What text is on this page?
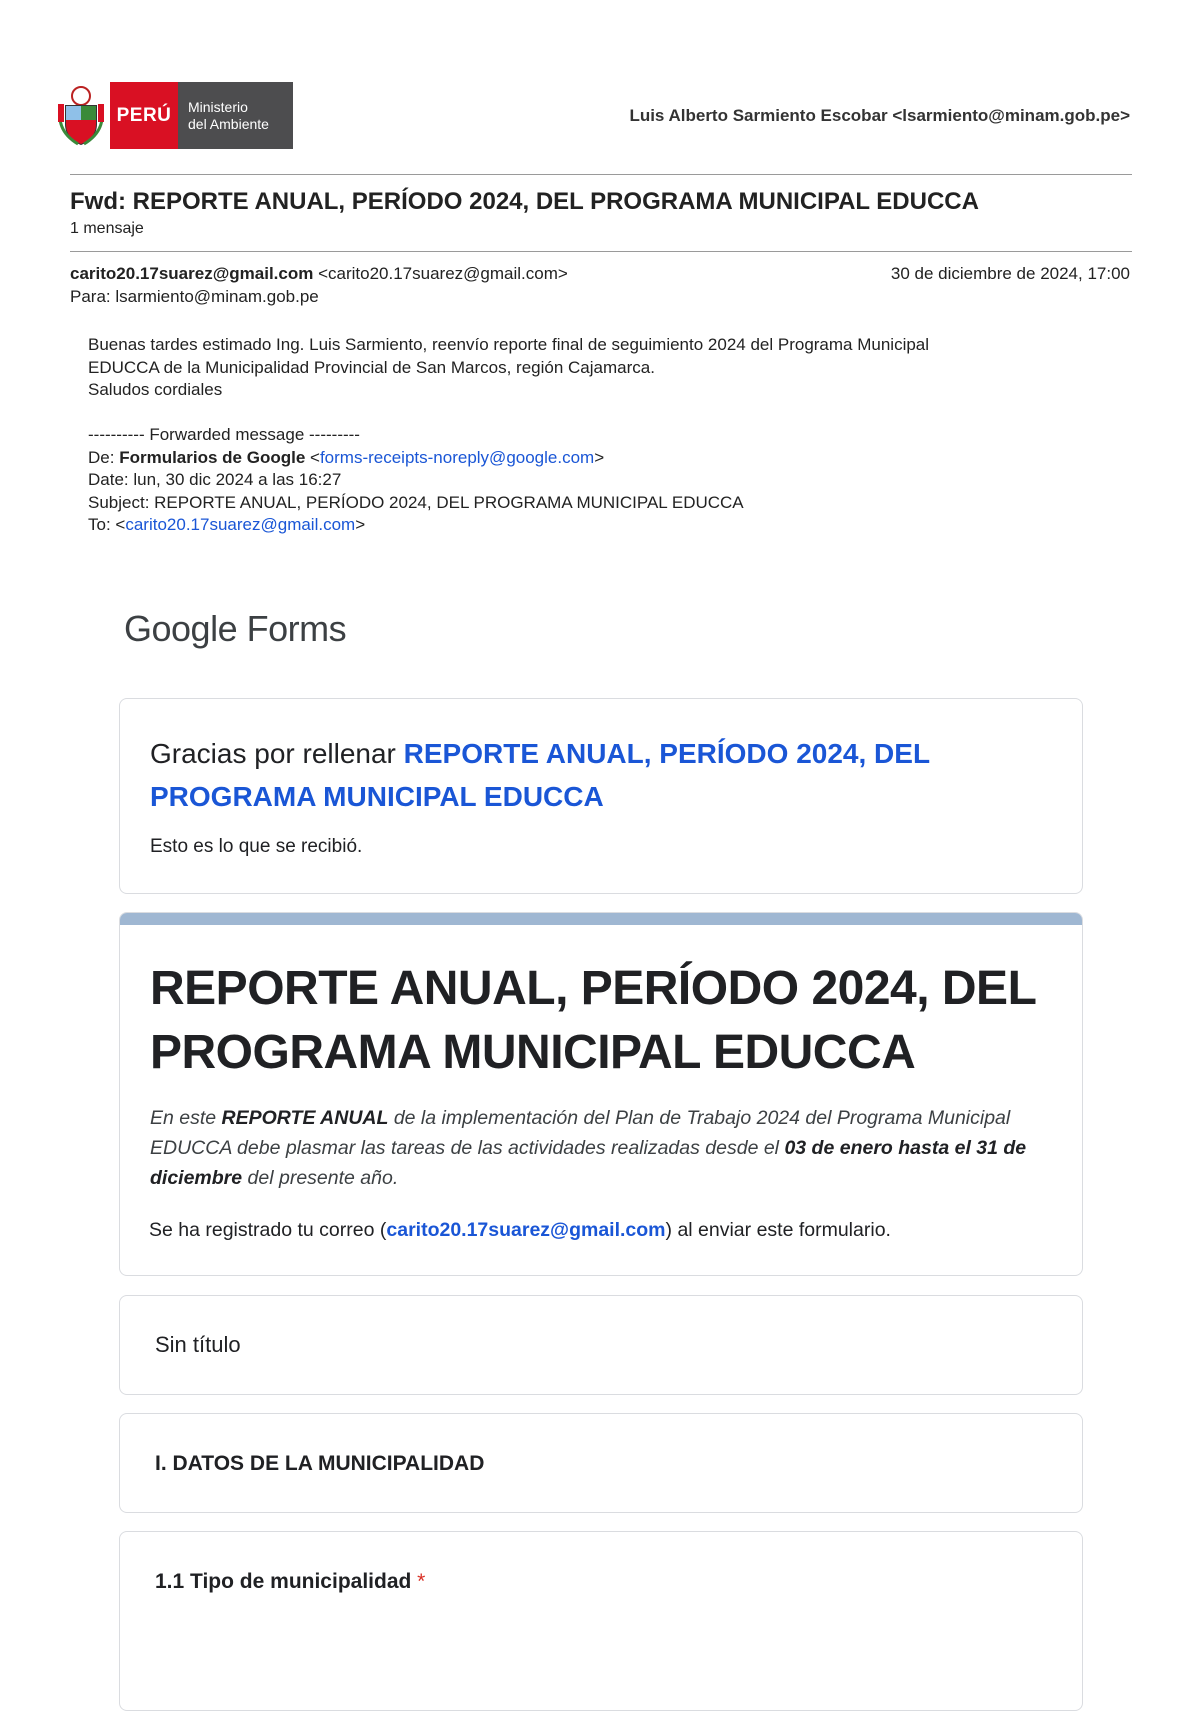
PERÚ	Ministerio
del Ambiente	Luis Alberto Sarmiento Escobar <lsarmiento@minam.gob.pe>
Fwd: REPORTE ANUAL, PERÍODO 2024, DEL PROGRAMA MUNICIPAL EDUCCA
1 mensaje
carito20.17suarez@gmail.com <carito20.17suarez@gmail.com>	30 de diciembre de 2024, 17:00
Para: lsarmiento@minam.gob.pe

Buenas tardes estimado Ing. Luis Sarmiento, reenvío reporte final de seguimiento 2024 del Programa Municipal

EDUCCA de la Municipalidad Provincial de San Marcos, región Cajamarca.

Saludos cordiales

---------- Forwarded message ---------
De: Formularios de Google <forms-receipts-noreply@google.com>
Date: lun, 30 dic 2024 a las 16:27
Subject: REPORTE ANUAL, PERÍODO 2024, DEL PROGRAMA MUNICIPAL EDUCCA
To: <carito20.17suarez@gmail.com>
Google Forms
Gracias por rellenar REPORTE ANUAL, PERÍODO 2024, DEL PROGRAMA MUNICIPAL EDUCCA
Esto es lo que se recibió.
REPORTE ANUAL, PERÍODO 2024, DEL
PROGRAMA MUNICIPAL EDUCCA
En este REPORTE ANUAL de la implementación del Plan de Trabajo 2024 del Programa Municipal EDUCCA debe plasmar las tareas de las actividades realizadas desde el 03 de enero hasta el 31 de diciembre del presente año.
Se ha registrado tu correo (carito20.17suarez@gmail.com) al enviar este formulario.
Sin título
I. DATOS DE LA MUNICIPALIDAD
1.1 Tipo de municipalidad *
